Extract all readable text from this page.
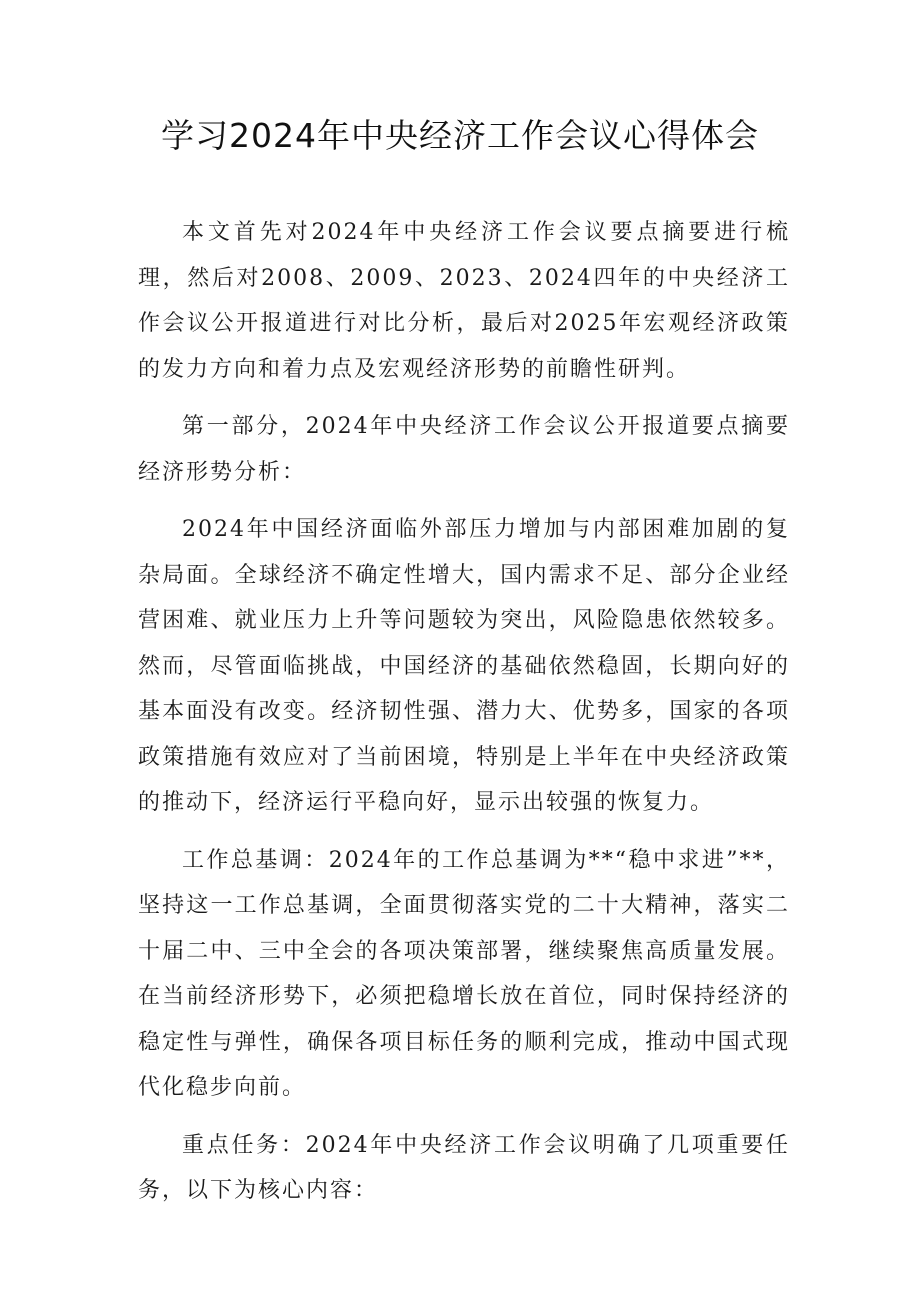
学习2024年中央经济工作会议心得体会

本文首先对2024年中央经济工作会议要点摘要进行梳理，然后对2008、2009、2023、2024四年的中央经济工作会议公开报道进行对比分析，最后对2025年宏观经济政策的发力方向和着力点及宏观经济形势的前瞻性研判。

第一部分，2024年中央经济工作会议公开报道要点摘要经济形势分析：

2024年中国经济面临外部压力增加与内部困难加剧的复杂局面。全球经济不确定性增大，国内需求不足、部分企业经营困难、就业压力上升等问题较为突出，风险隐患依然较多。然而，尽管面临挑战，中国经济的基础依然稳固，长期向好的基本面没有改变。经济韧性强、潜力大、优势多，国家的各项政策措施有效应对了当前困境，特别是上半年在中央经济政策的推动下，经济运行平稳向好，显示出较强的恢复力。

工作总基调：2024年的工作总基调为**“稳中求进”**，坚持这一工作总基调，全面贯彻落实党的二十大精神，落实二十届二中、三中全会的各项决策部署，继续聚焦高质量发展。在当前经济形势下，必须把稳增长放在首位，同时保持经济的稳定性与弹性，确保各项目标任务的顺利完成，推动中国式现代化稳步向前。

重点任务：2024年中央经济工作会议明确了几项重要任务，以下为核心内容：
